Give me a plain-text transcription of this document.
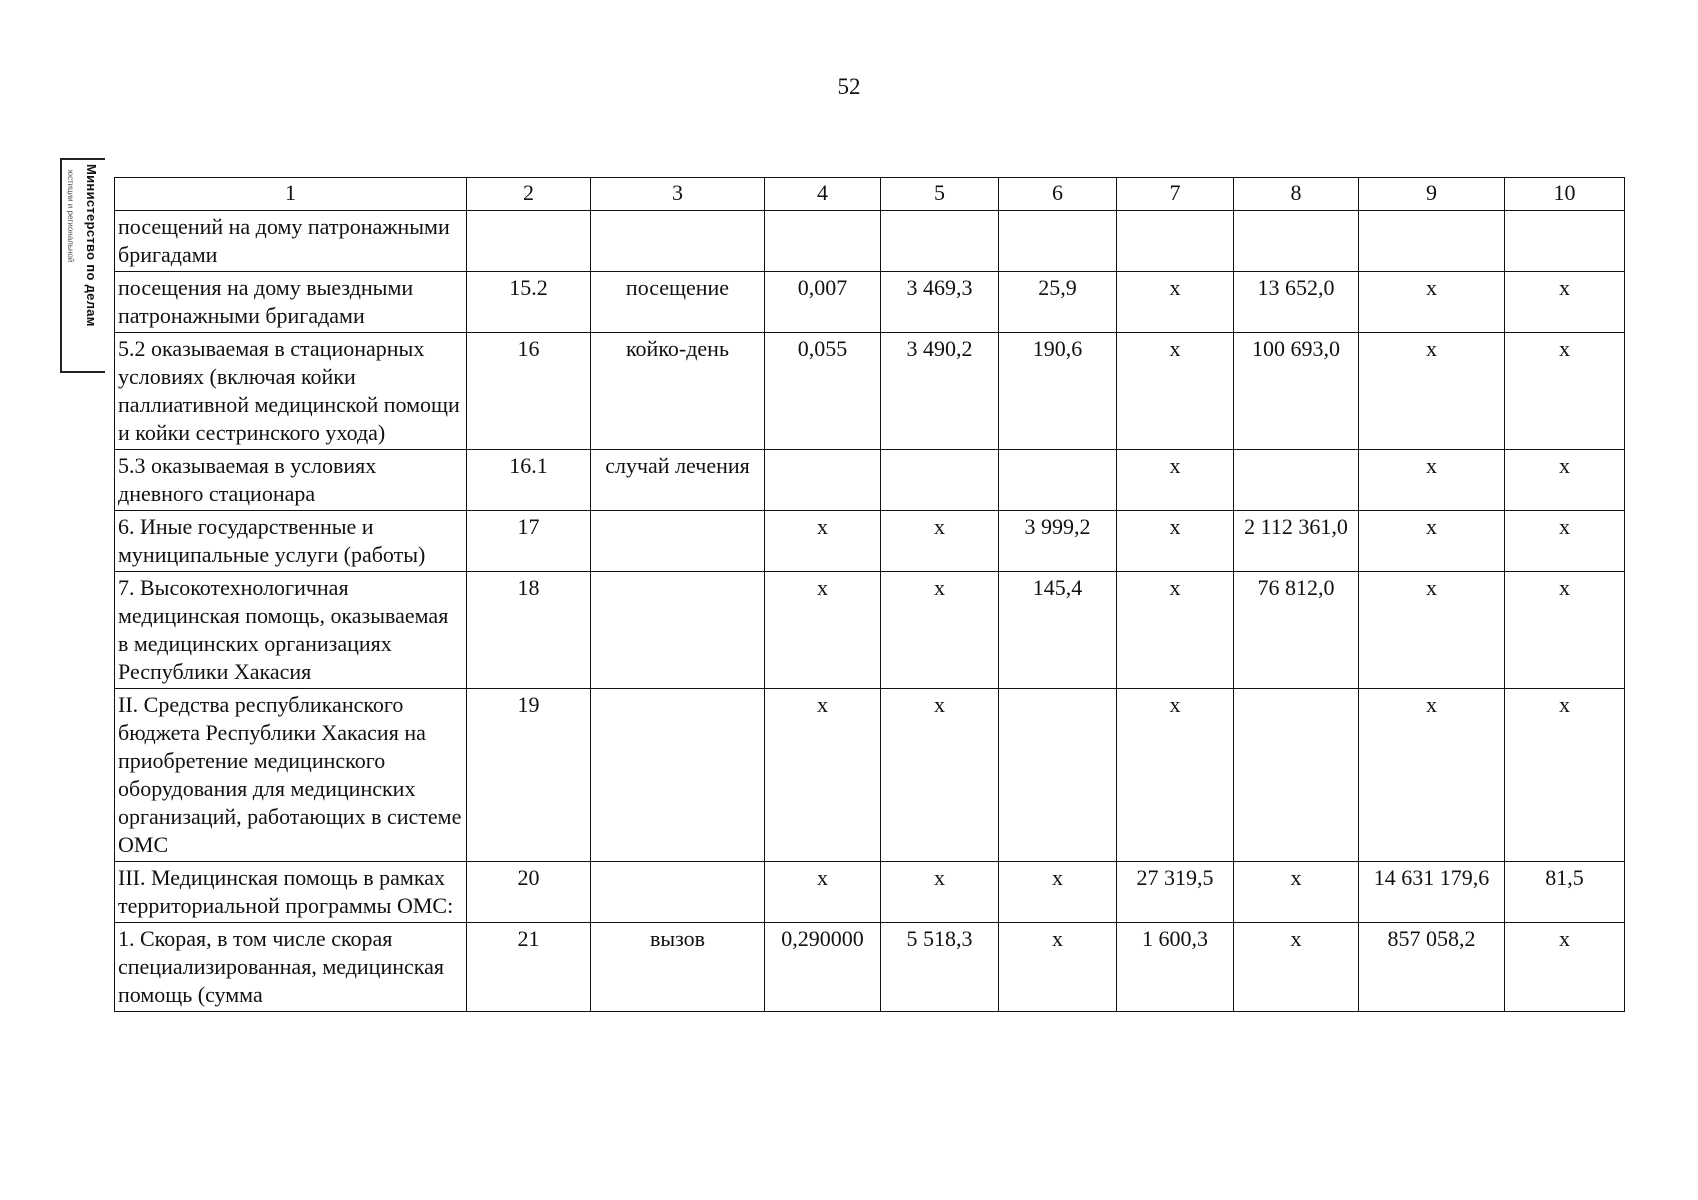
52
Министерство по делам
юстиции и региональной	1	2	3	4	5	6	7	8	9	10
посещений на дому патронажными бригадами									
посещения на дому выездными патронажными бригадами	15.2	посещение	0,007	3 469,3	25,9	х	13 652,0	х	х
5.2 оказываемая в стационарных условиях (включая койки паллиативной медицинской помощи и койки сестринского ухода)	16	койко-день	0,055	3 490,2	190,6	х	100 693,0	х	х
5.3 оказываемая в условиях дневного стационара	16.1	случай лечения				х		х	х
6. Иные государственные и муниципальные услуги (работы)	17		х	х	3 999,2	х	2 112 361,0	х	х
7. Высокотехнологичная медицинская помощь, оказываемая в медицинских организациях Республики Хакасия	18		х	х	145,4	х	76 812,0	х	х
II. Средства республиканского бюджета Республики Хакасия на приобретение медицинского оборудования для медицинских организаций, работающих в системе ОМС	19		х	х		х		х	х
III. Медицинская помощь в рамках территориальной программы ОМС:	20		х	х	х	27 319,5	х	14 631 179,6	81,5
1. Скорая, в том числе скорая специализированная, медицинская помощь (сумма	21	вызов	0,290000	5 518,3	х	1 600,3	х	857 058,2	х
